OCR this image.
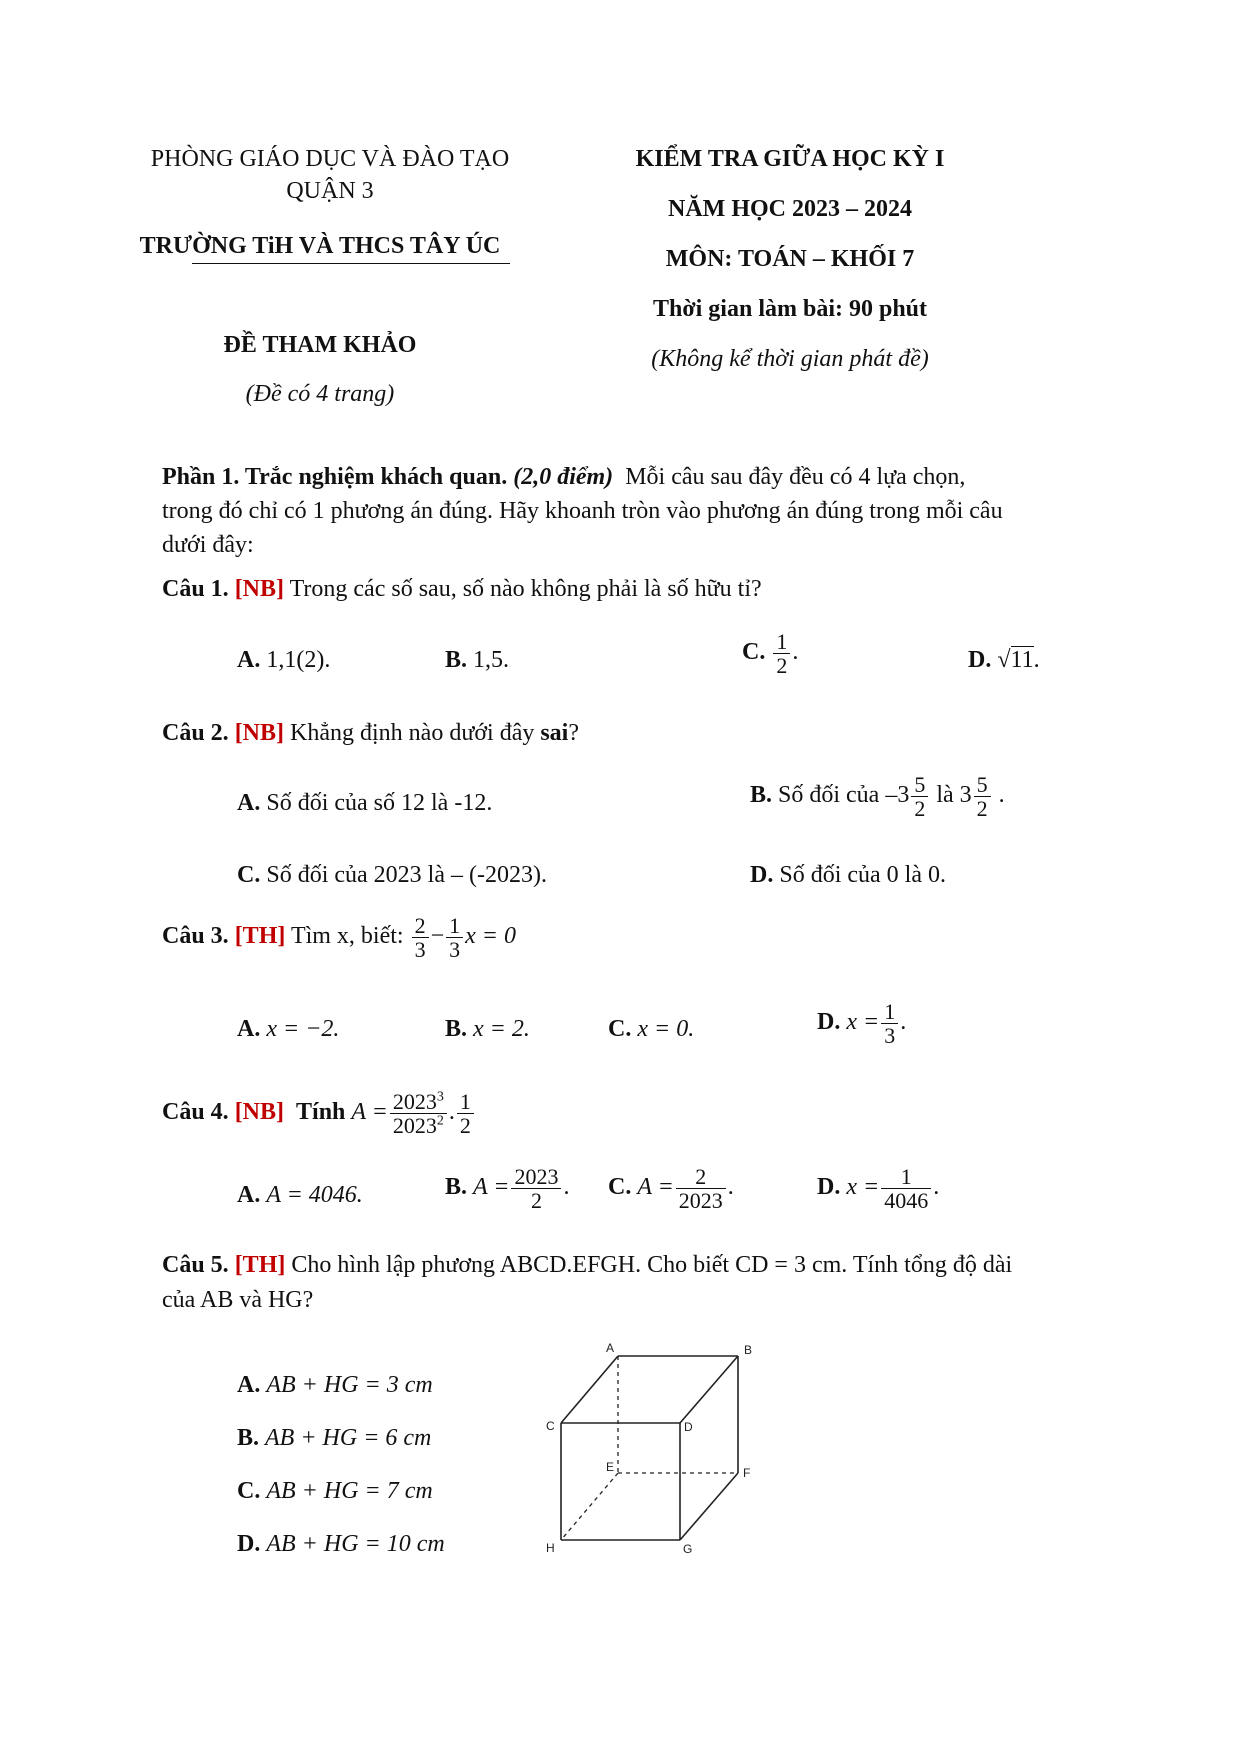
PHÒNG GIÁO DỤC VÀ ĐÀO TẠO
QUẬN 3
TRƯỜNG TiH VÀ THCS TÂY ÚC
ĐỀ THAM KHẢO
(Đề có 4 trang)
KIỂM TRA GIỮA HỌC KỲ I
NĂM HỌC 2023 – 2024
MÔN: TOÁN – KHỐI 7
Thời gian làm bài: 90 phút
(Không kể thời gian phát đề)
Phần 1. Trắc nghiệm khách quan. (2,0 điểm) Mỗi câu sau đây đều có 4 lựa chọn,
trong đó chỉ có 1 phương án đúng. Hãy khoanh tròn vào phương án đúng trong mỗi câu
dưới đây:
Câu 1. [NB] Trong các số sau, số nào không phải là số hữu tỉ?
A. 1,1(2).	B. 1,5.	C. $\frac{1}{2}$ .	D. √11.
Câu 2. [NB] Khẳng định nào dưới đây sai?
A. Số đối của số 12 là -12.	B. Số đối của $-3 \frac{5}{2}$ là $3 \frac{5}{2}$ .
C. Số đối của 2023 là – (-2023).	D. Số đối của 0 là 0.
Câu 3. [TH] Tìm x, biết: $\frac{2}{3} - \frac{1}{3}$ x = 0
A. x = −2.	B. x = 2.	C. x = 0.	D. $x = \frac{1}{3}$ .
Câu 4. [NB] Tính $A = \frac{2023^3}{2023^2}$ . $\frac{1}{2}$
A. A = 4046.	B. $A = \frac{2023}{2}$ . C. $A = \frac{2}{2023}$ .	D. $x = \frac{1}{4046}$ .
Câu 5. [TH] Cho hình lập phương ABCD.EFGH. Cho biết CD = 3 cm. Tính tổng độ dài
của AB và HG?
A. AB + HG = 3 cm
B. AB + HG = 6 cm
C. AB + HG = 7 cm
D. AB + HG = 10 cm
A	B
C	D
E	F
G
H
